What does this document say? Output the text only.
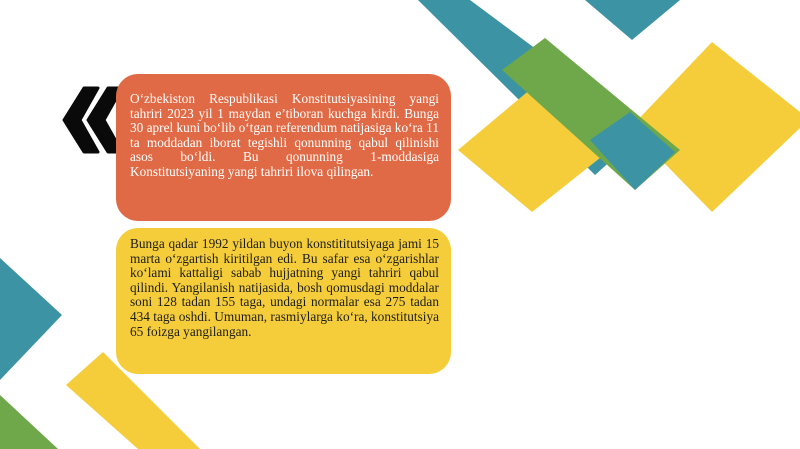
O‘zbekiston Respublikasi Konstitutsiyasining yangi tahriri 2023 yil 1 maydan e’tiboran kuchga kirdi. Bunga 30 aprel kuni bo‘lib o‘tgan referendum natijasiga ko‘ra 11 ta moddadan iborat tegishli qonunning qabul qilinishi asos bo‘ldi. Bu qonunning 1-moddasiga Konstitutsiyaning yangi tahriri ilova qilingan.
Bunga qadar 1992 yildan buyon konstititutsiyaga jami 15 marta o‘zgartish kiritilgan edi. Bu safar esa o‘zgarishlar ko‘lami kattaligi sabab hujjatning yangi tahriri qabul qilindi. Yangilanish natijasida, bosh qomusdagi moddalar soni 128 tadan 155 taga, undagi normalar esa 275 tadan 434 taga oshdi. Umuman, rasmiylarga ko‘ra, konstitutsiya 65 foizga yangilangan.
